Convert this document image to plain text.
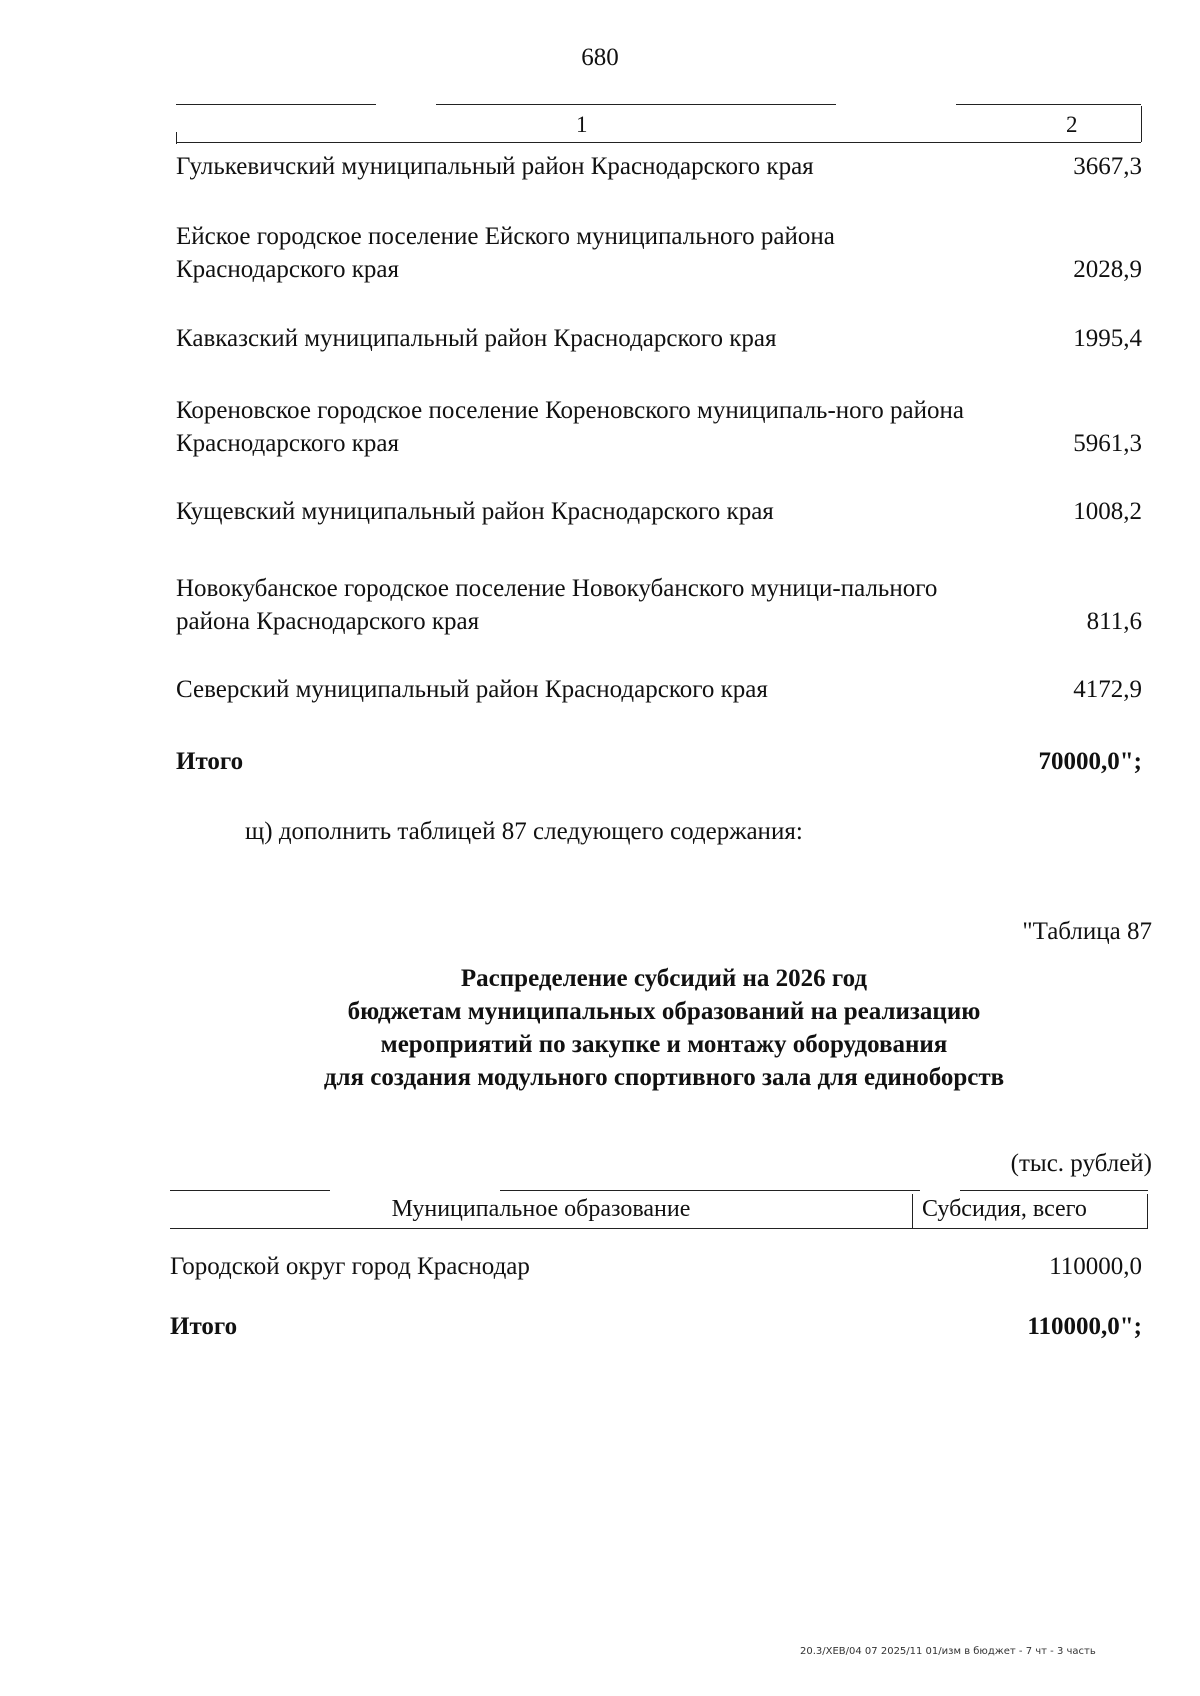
680
1	2
Гулькевичский муниципальный район Краснодарского края	3667,3
Ейское городское поселение Ейского муниципального района Краснодарского края	2028,9
Кавказский муниципальный район Краснодарского края	1995,4
Кореновское городское поселение Кореновского муниципаль-ного района Краснодарского края	5961,3
Кущевский муниципальный район Краснодарского края	1008,2
Новокубанское городское поселение Новокубанского муници-пального района Краснодарского края	811,6
Северский муниципальный район Краснодарского края	4172,9
Итого	70000,0";
щ) дополнить таблицей 87 следующего содержания:
"Таблица 87
Распределение субсидий на 2026 год
бюджетам муниципальных образований на реализацию
мероприятий по закупке и монтажу оборудования
для создания модульного спортивного зала для единоборств
(тыс. рублей)
Муниципальное образование	Субсидия, всего
Городской округ город Краснодар	110000,0
Итого	110000,0";
20.3/XEB/04 07 2025/11 01/изм в бюджет - 7 чт - 3 часть
